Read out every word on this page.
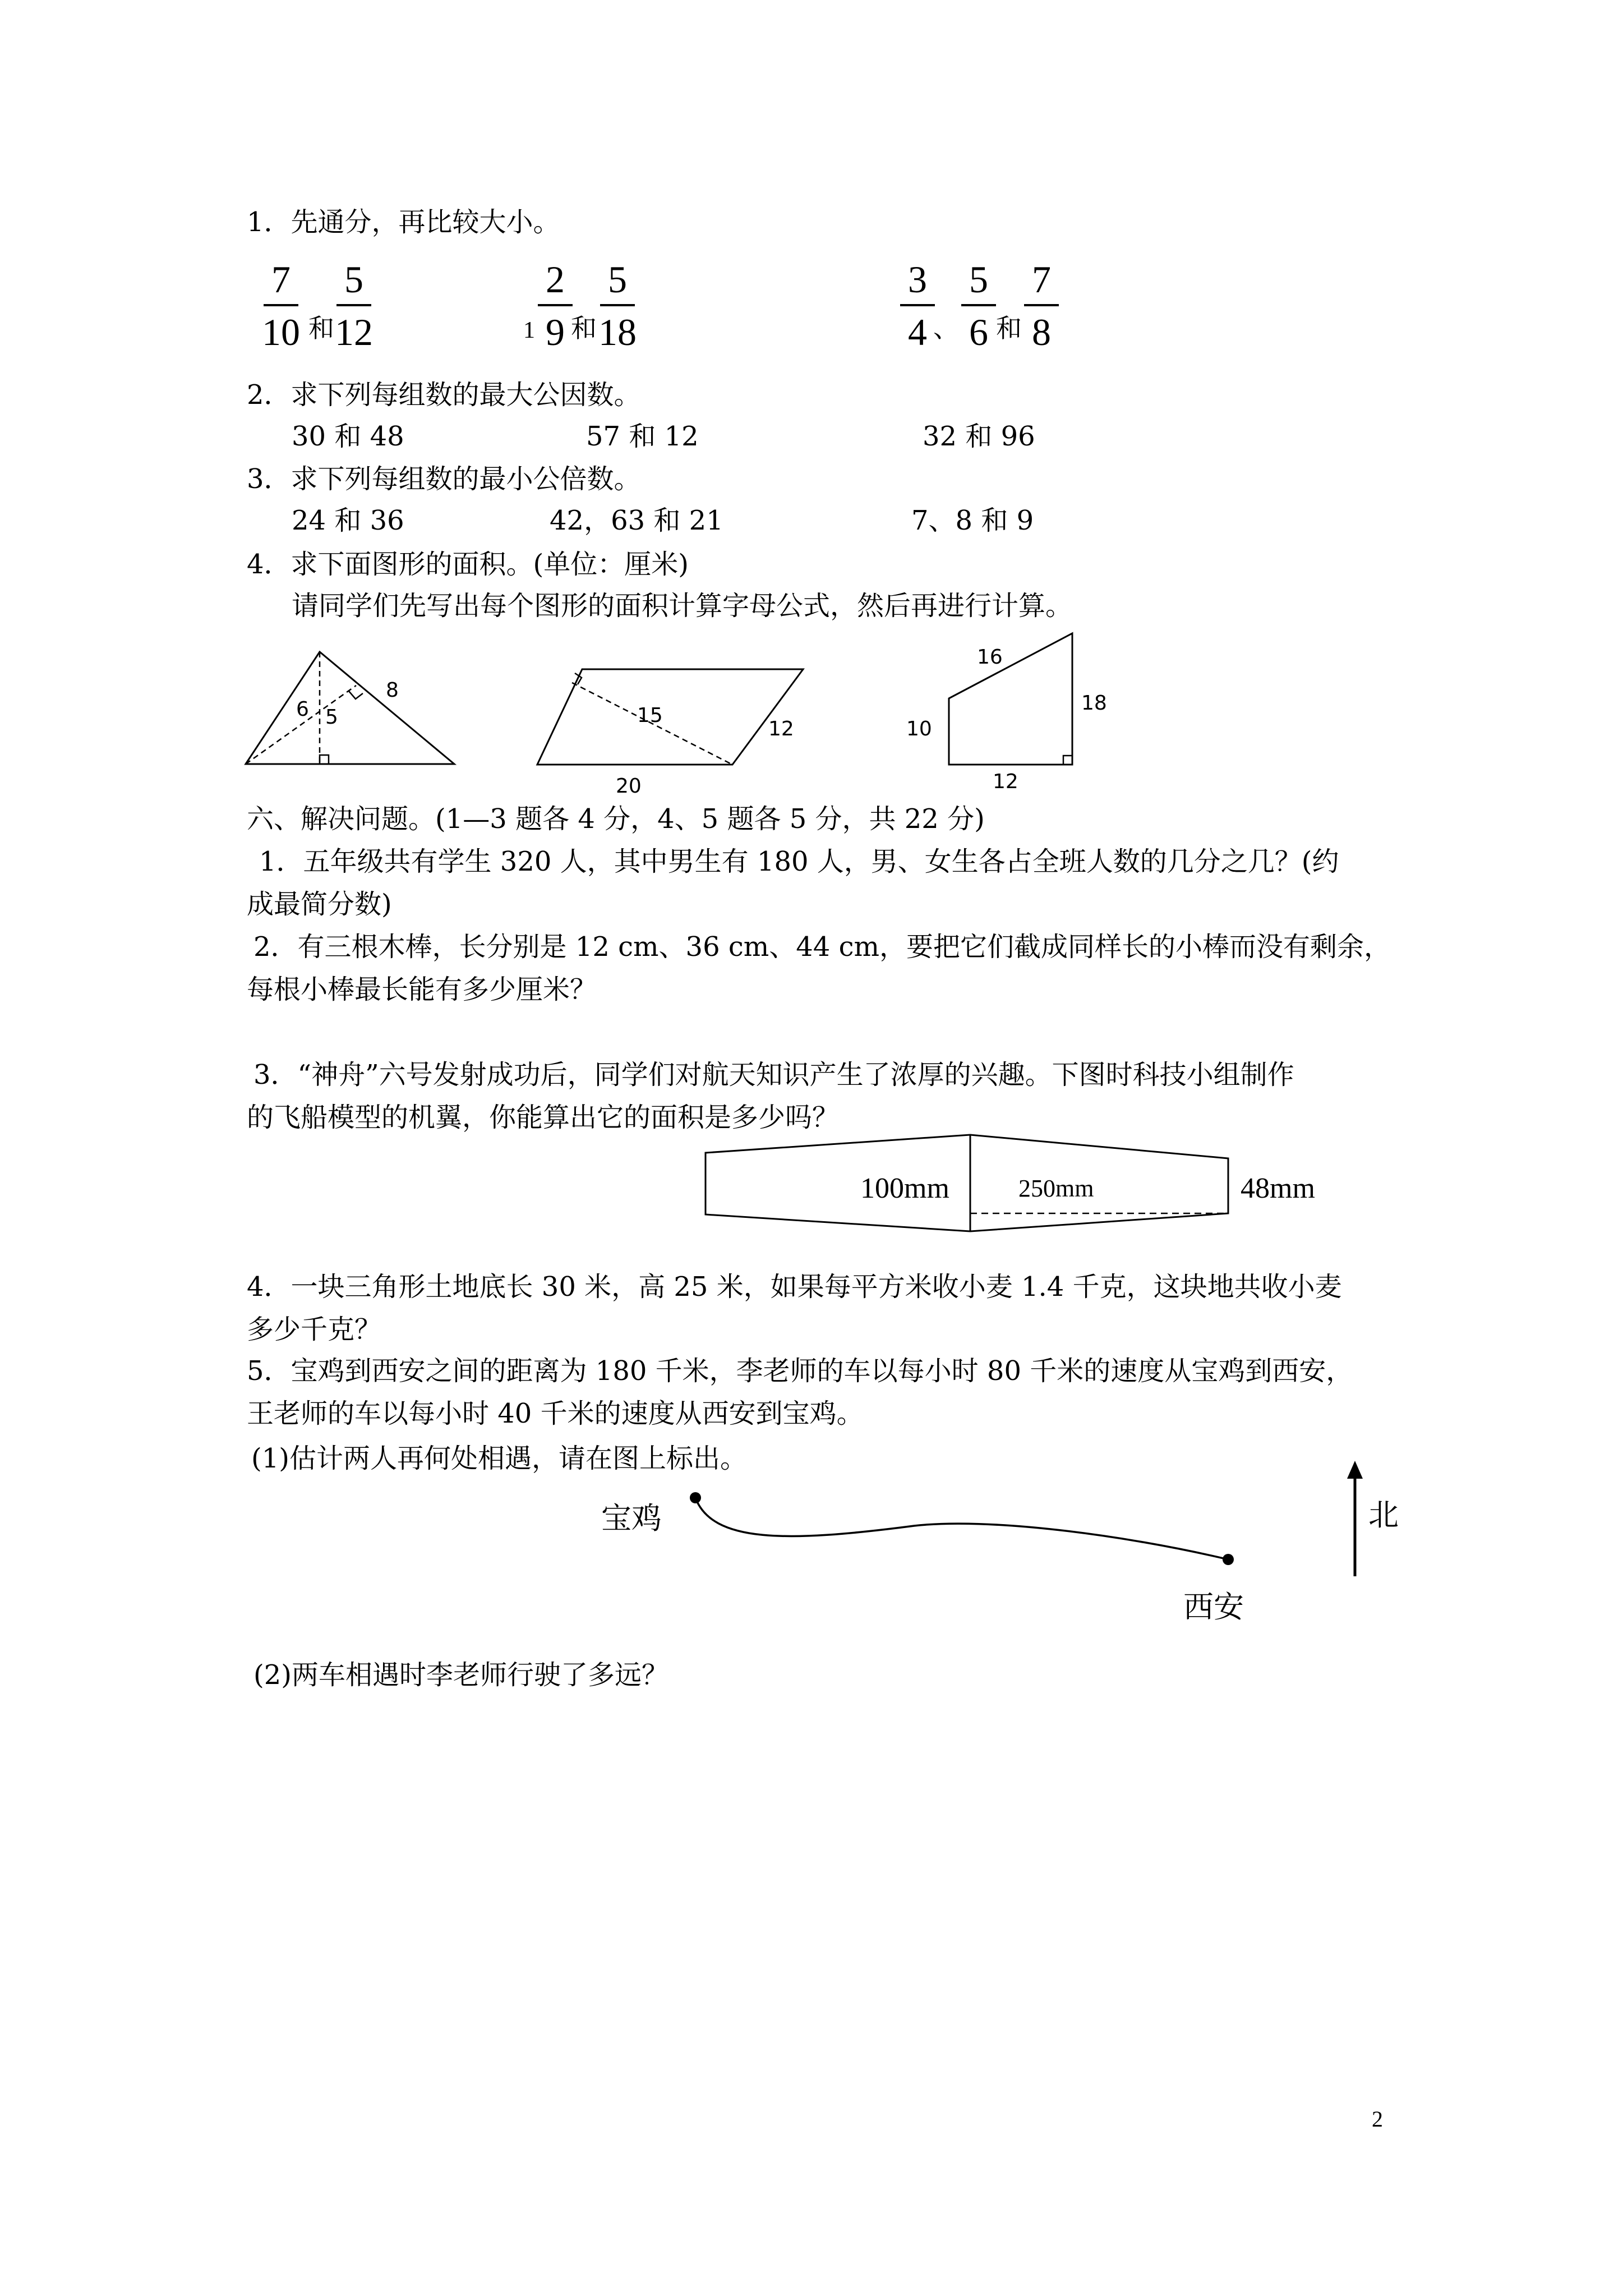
1．先通分，再比较大小。
7
10 和
5
12	1
2
9 和
5
18
3
4 、
5
6 和
7
8
2．求下列每组数的最大公因数。
30 和 48	57 和 12	32 和 96
3．求下列每组数的最小公倍数。
24 和 36	42，63 和 21	7、8 和 9
4．求下面图形的面积。(单位：厘米)
请同学们先写出每个图形的面积计算字母公式，然后再进行计算。
6 5
8
15
12
20
16
18
10
12
六、解决问题。(1—3 题各 4 分，4、5 题各 5 分，共 22 分)
1．五年级共有学生 320 人，其中男生有 180 人，男、女生各占全班人数的几分之几？(约
成最简分数)
2．有三根木棒，长分别是 12 cm、36 cm、44 cm，要把它们截成同样长的小棒而没有剩余，
每根小棒最长能有多少厘米？
3．“神舟”六号发射成功后，同学们对航天知识产生了浓厚的兴趣。下图时科技小组制作
的飞船模型的机翼，你能算出它的面积是多少吗？
100mm	250mm	48mm
4．一块三角形土地底长 30 米，高 25 米，如果每平方米收小麦 1.4 千克，这块地共收小麦
多少千克？
5．宝鸡到西安之间的距离为 180 千米，李老师的车以每小时 80 千米的速度从宝鸡到西安，
王老师的车以每小时 40 千米的速度从西安到宝鸡。
(1)估计两人再何处相遇，请在图上标出。
宝鸡
西安
北
(2)两车相遇时李老师行驶了多远？
2
